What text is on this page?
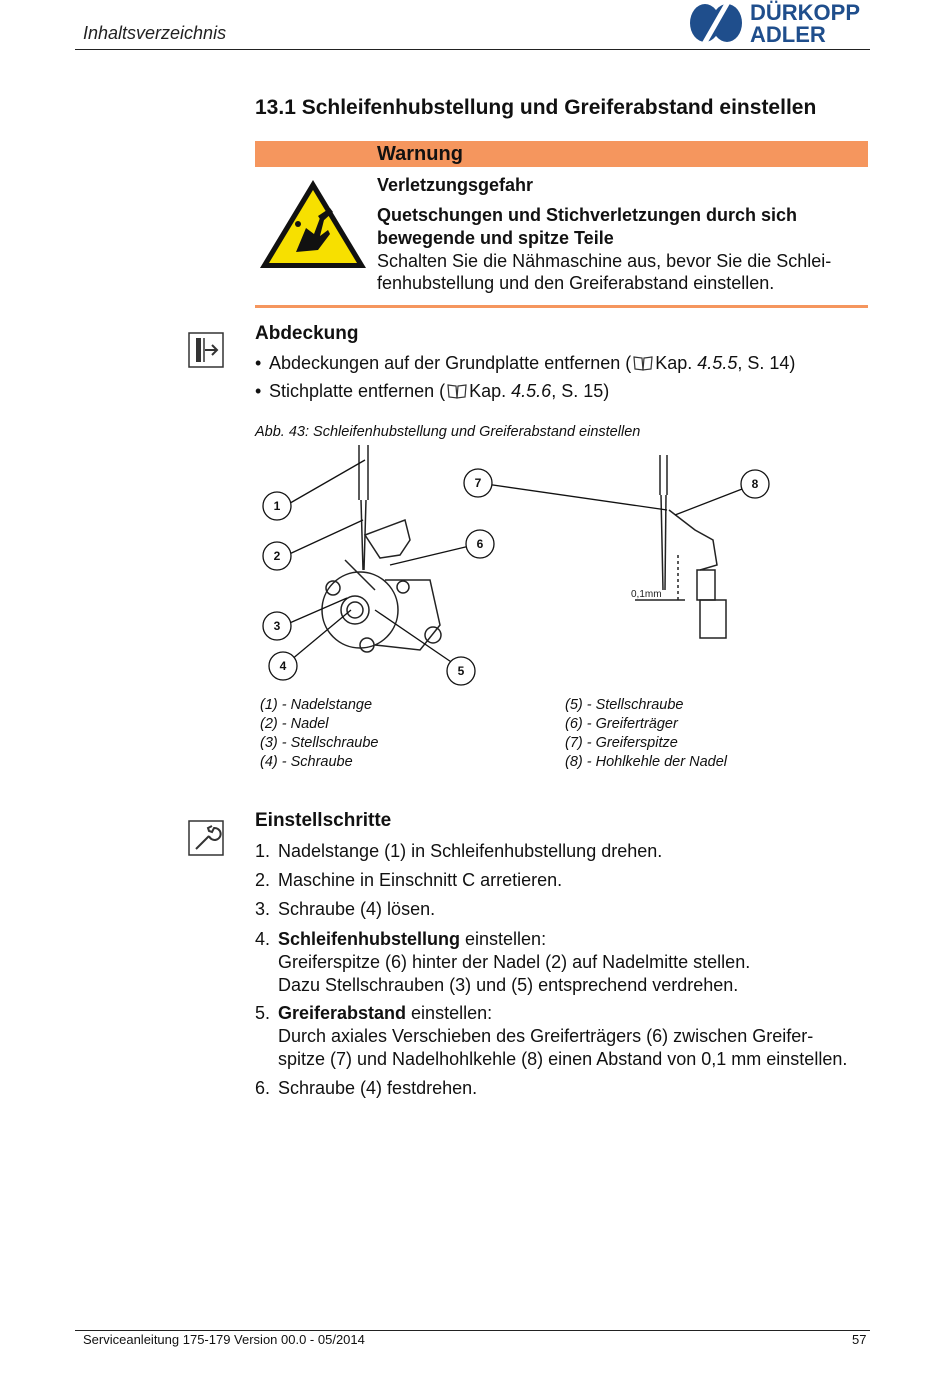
Inhaltsverzeichnis
DÜRKOPP
ADLER
13.1 Schleifenhubstellung und Greiferabstand einstellen
Warnung
Verletzungsgefahr
Quetschungen und Stichverletzungen durch sich
bewegende und spitze Teile
Schalten Sie die Nähmaschine aus, bevor Sie die Schlei-
fenhubstellung und den Greiferabstand einstellen.
Abdeckung
• Abdeckungen auf der Grundplatte entfernen ( Kap. 4.5.5, S. 14)
• Stichplatte entfernen ( Kap. 4.5.6, S. 15)
Abb. 43: Schleifenhubstellung und Greiferabstand einstellen
0,1mm
1
2
3
4	5
6
7	8
(1) - Nadelstange
(2) - Nadel
(3) - Stellschraube
(4) - Schraube
(5) - Stellschraube
(6) - Greiferträger
(7) - Greiferspitze
(8) - Hohlkehle der Nadel
Einstellschritte
1. Nadelstange (1) in Schleifenhubstellung drehen.
2. Maschine in Einschnitt C arretieren.
3. Schraube (4) lösen.
4. Schleifenhubstellung einstellen:
Greiferspitze (6) hinter der Nadel (2) auf Nadelmitte stellen.
Dazu Stellschrauben (3) und (5) entsprechend verdrehen.
5. Greiferabstand einstellen:
Durch axiales Verschieben des Greiferträgers (6) zwischen Greifer-
spitze (7) und Nadelhohlkehle (8) einen Abstand von 0,1 mm einstellen.
6. Schraube (4) festdrehen.
Serviceanleitung 175-179 Version 00.0 - 05/2014	57
